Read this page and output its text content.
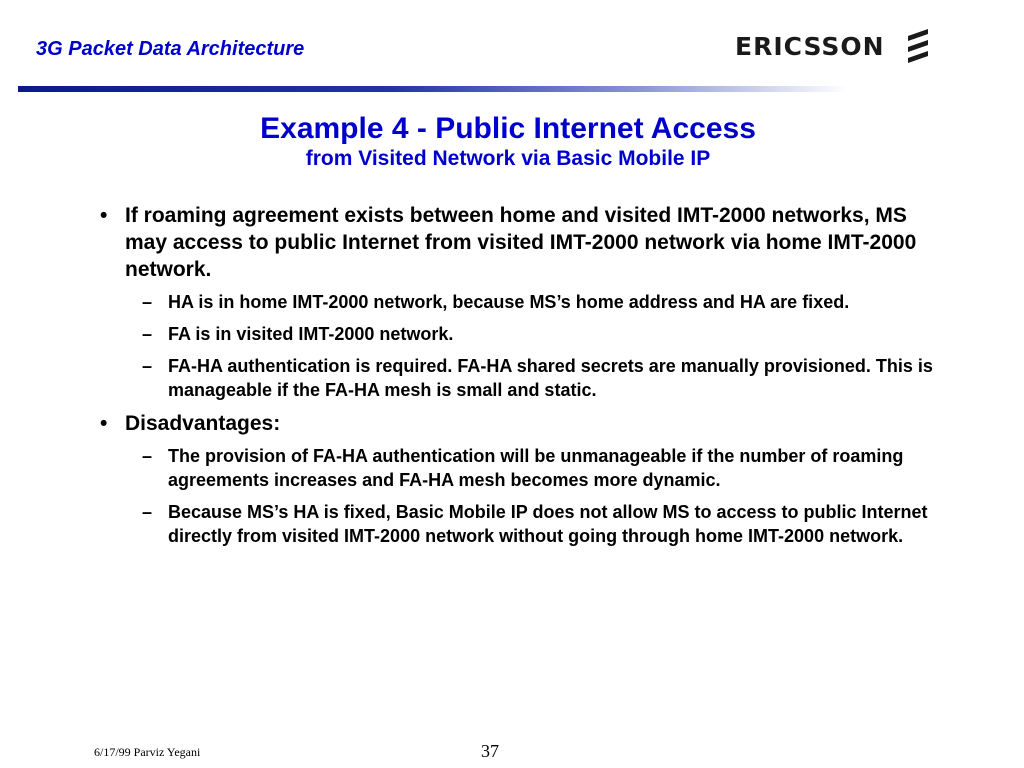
3G Packet Data Architecture	ERICSSON
Example 4 - Public Internet Access
from Visited Network via Basic Mobile IP
• If roaming agreement exists between home and visited IMT-2000 networks, MS may access to public Internet from visited IMT-2000 network via home IMT-2000 network.
– HA is in home IMT-2000 network, because MS’s home address and HA are fixed.
– FA is in visited IMT-2000 network.
– FA-HA authentication is required. FA-HA shared secrets are manually provisioned. This is manageable if the FA-HA mesh is small and static.
• Disadvantages:
– The provision of FA-HA authentication will be unmanageable if the number of roaming agreements increases and FA-HA mesh becomes more dynamic.
– Because MS’s HA is fixed, Basic Mobile IP does not allow MS to access to public Internet directly from visited IMT-2000 network without going through home IMT-2000 network.
6/17/99 Parviz Yegani	37
